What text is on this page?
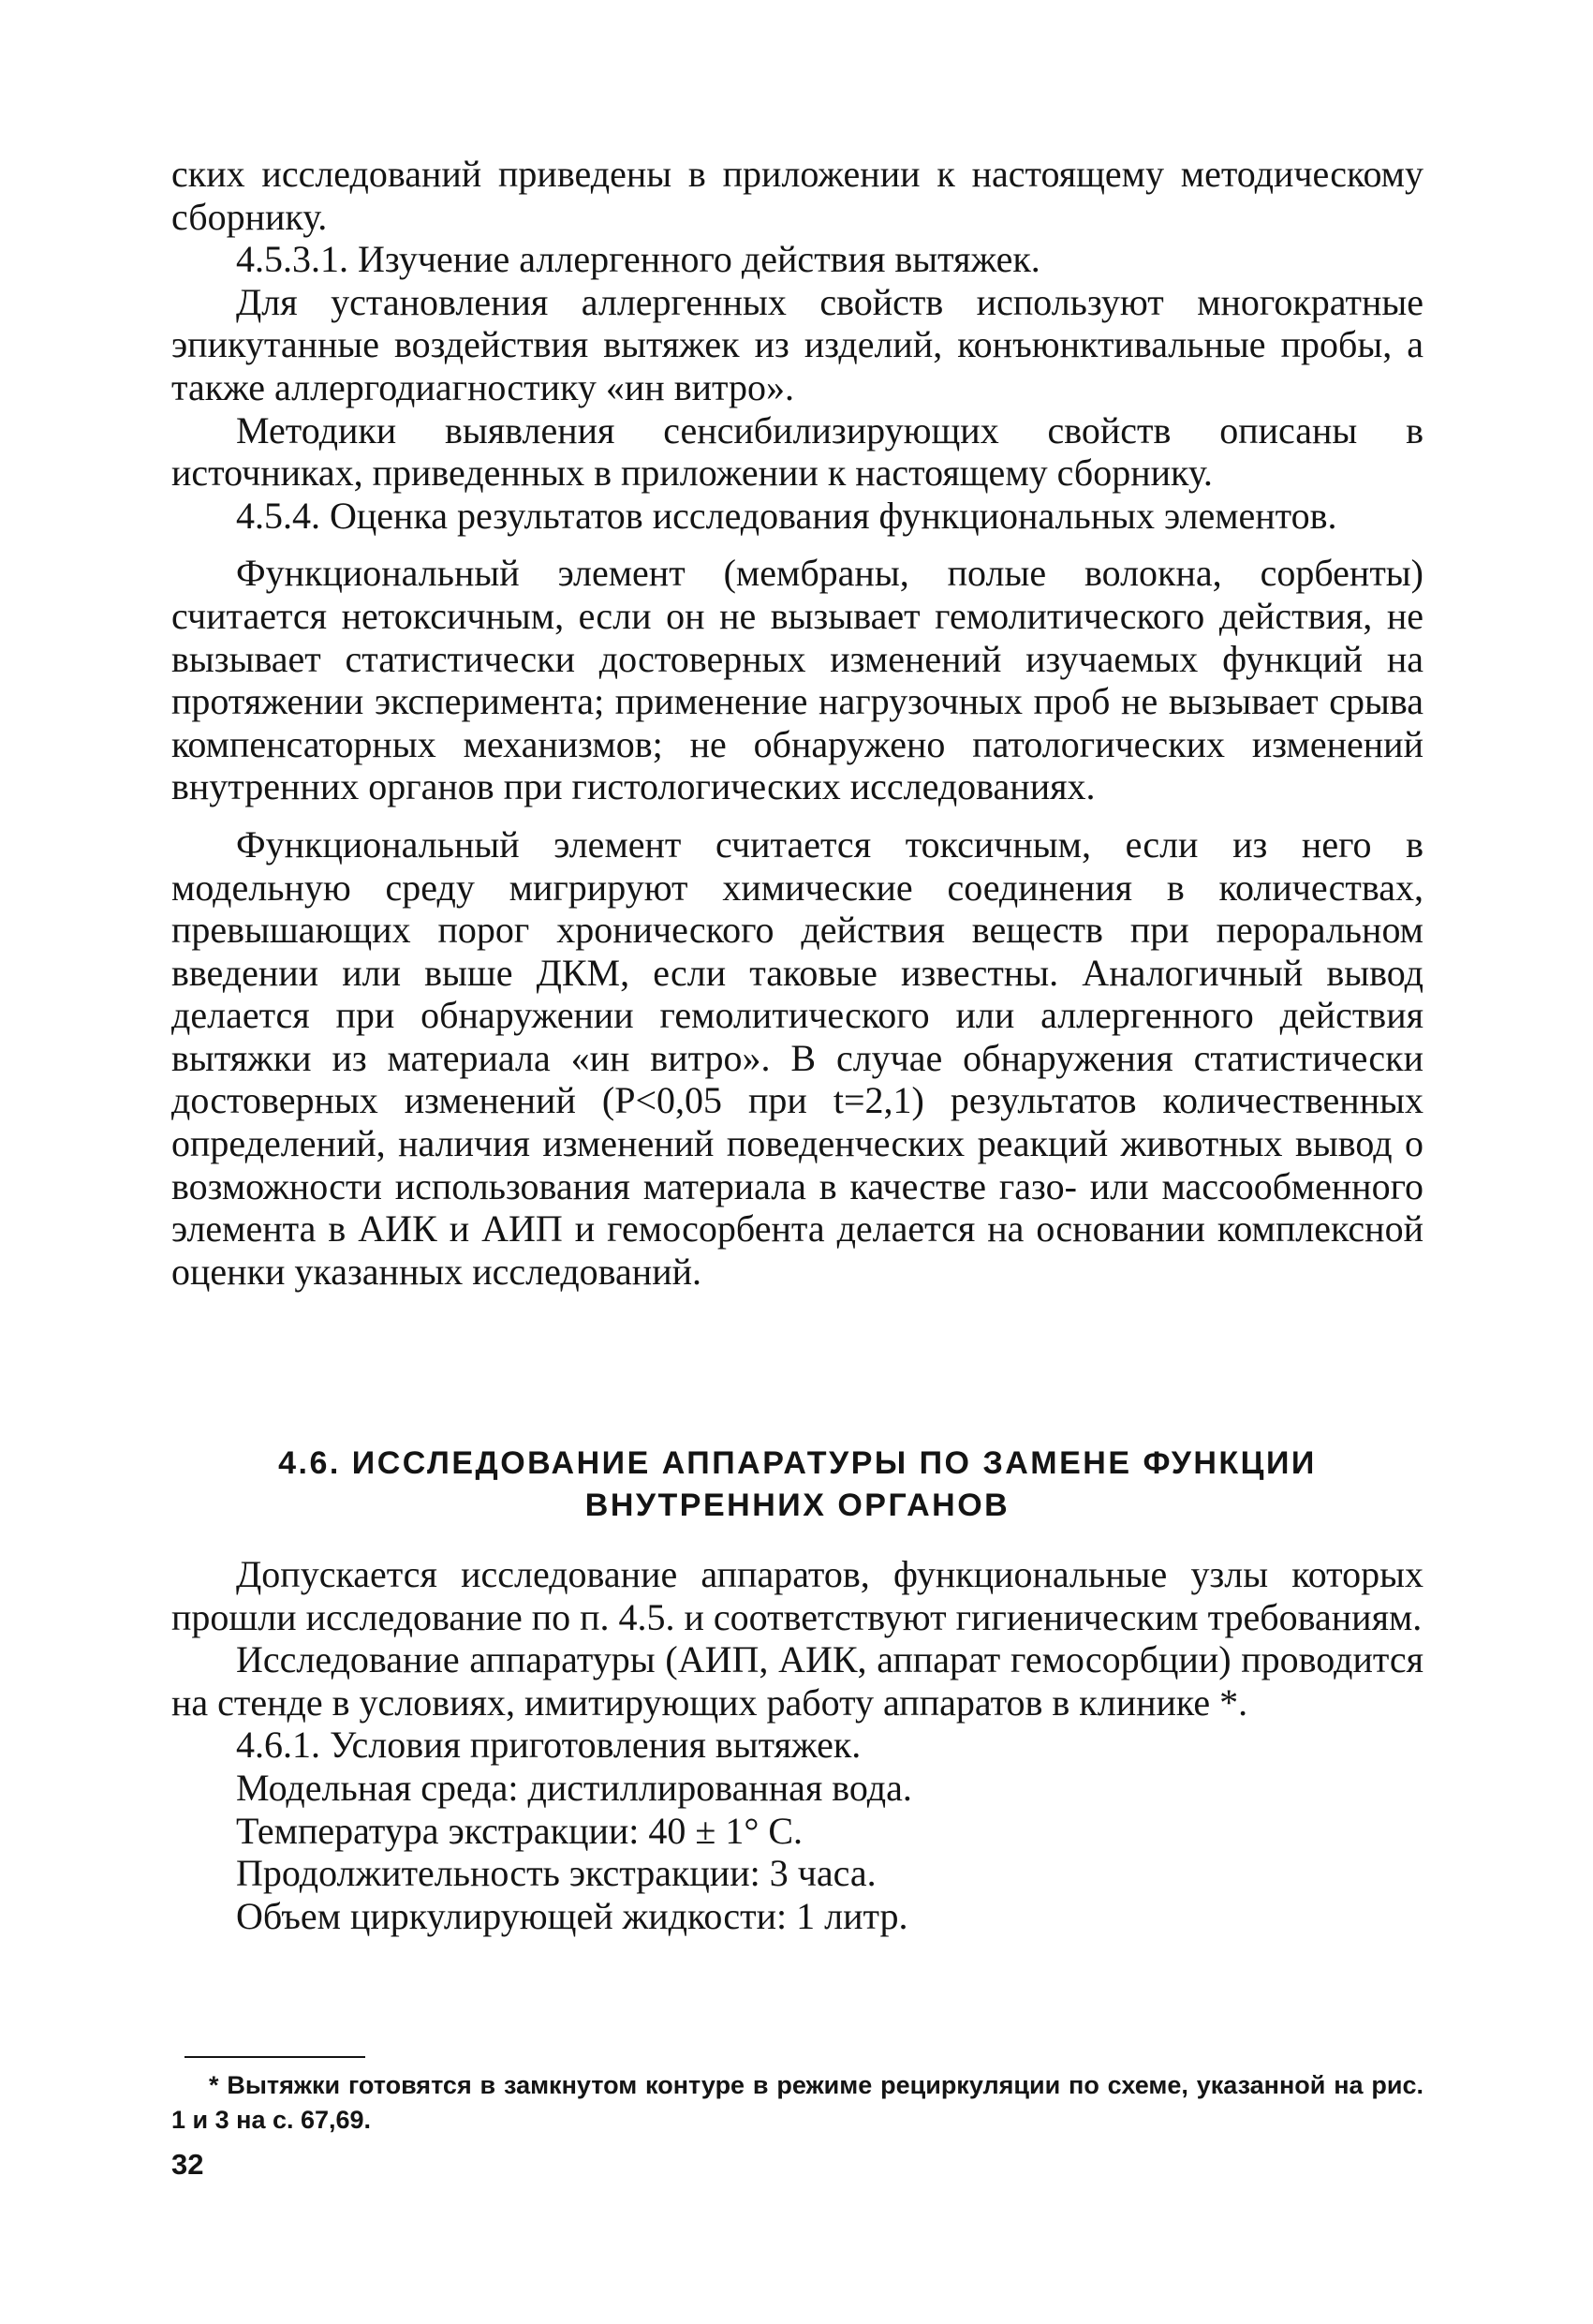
ских исследований приведены в приложении к настоящему методическому сборнику.

4.5.3.1. Изучение аллергенного действия вытяжек.

Для установления аллергенных свойств используют многократные эпикутанные воздействия вытяжек из изделий, конъюнктивальные пробы, а также аллергодиагностику «ин витро».

Методики выявления сенсибилизирующих свойств описаны в источниках, приведенных в приложении к настоящему сборнику.

4.5.4. Оценка результатов исследования функциональных элементов.

Функциональный элемент (мембраны, полые волокна, сорбенты) считается нетоксичным, если он не вызывает гемолитического действия, не вызывает статистически достоверных изменений изучаемых функций на протяжении эксперимента; применение нагрузочных проб не вызывает срыва компенсаторных механизмов; не обнаружено патологических изменений внутренних органов при гистологических исследованиях.

Функциональный элемент считается токсичным, если из него в модельную среду мигрируют химические соединения в количествах, превышающих порог хронического действия веществ при пероральном введении или выше ДКМ, если таковые известны. Аналогичный вывод делается при обнаружении гемолитического или аллергенного действия вытяжки из материала «ин витро». В случае обнаружения статистически достоверных изменений (P<0,05 при t=2,1) результатов количественных определений, наличия изменений поведенческих реакций животных вывод о возможности использования материала в качестве газо- или массообменного элемента в АИК и АИП и гемосорбента делается на основании комплексной оценки указанных исследований.

4.6. ИССЛЕДОВАНИЕ АППАРАТУРЫ ПО ЗАМЕНЕ ФУНКЦИИ
ВНУТРЕННИХ ОРГАНОВ

Допускается исследование аппаратов, функциональные узлы которых прошли исследование по п. 4.5. и соответствуют гигиеническим требованиям.

Исследование аппаратуры (АИП, АИК, аппарат гемосорбции) проводится на стенде в условиях, имитирующих работу аппаратов в клинике *.

4.6.1. Условия приготовления вытяжек.

Модельная среда: дистиллированная вода.

Температура экстракции: 40 ± 1° С.

Продолжительность экстракции: 3 часа.

Объем циркулирующей жидкости: 1 литр.

* Вытяжки готовятся в замкнутом контуре в режиме рециркуляции по схеме, указанной на рис. 1 и 3 на с. 67,69.

32
